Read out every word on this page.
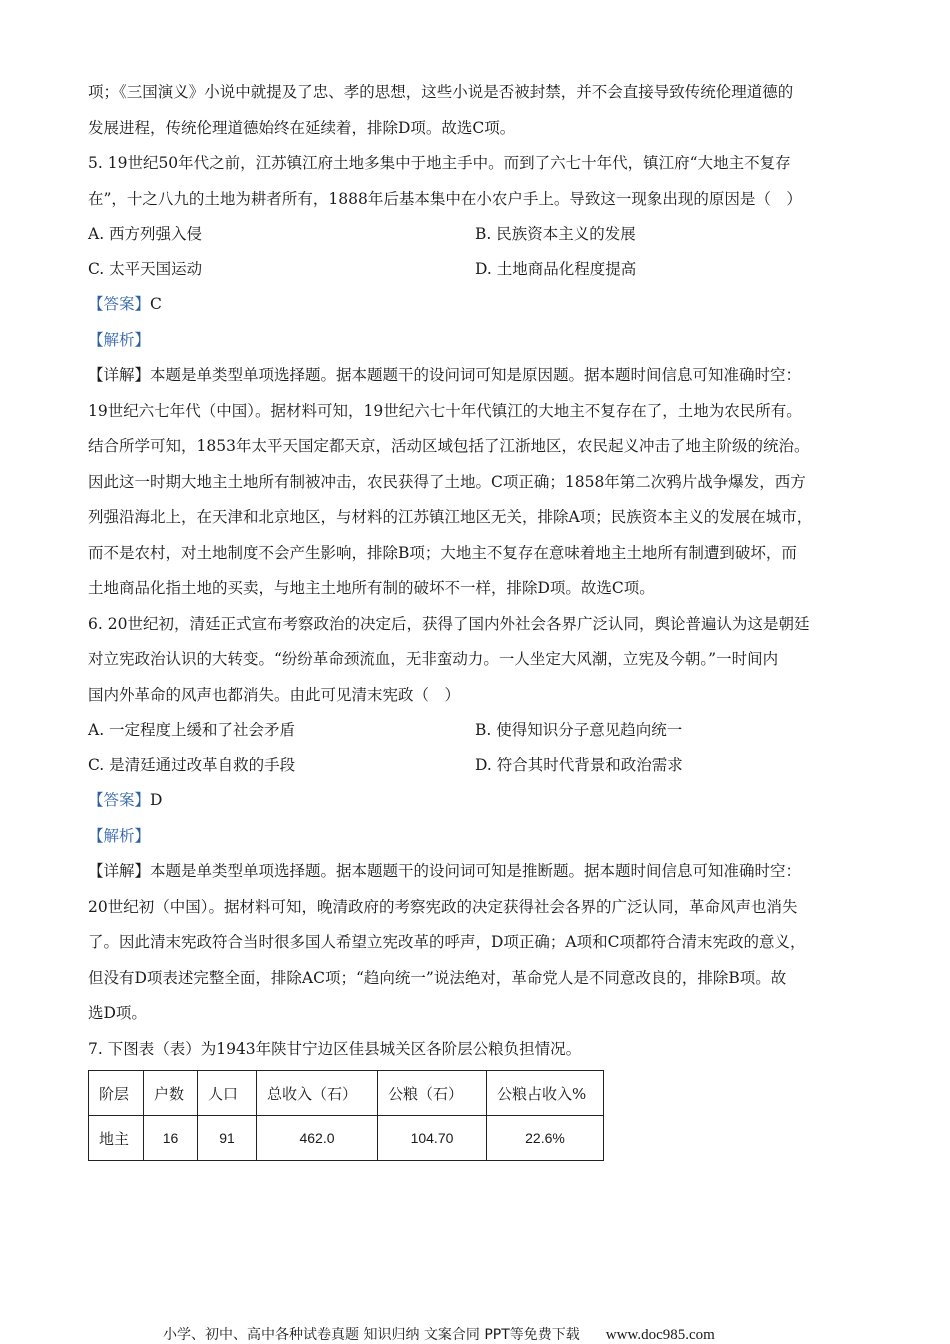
项；《三国演义》小说中就提及了忠、孝的思想，这些小说是否被封禁，并不会直接导致传统伦理道德的

发展进程，传统伦理道德始终在延续着，排除D项。故选C项。

5. 19世纪50年代之前，江苏镇江府土地多集中于地主手中。而到了六七十年代，镇江府“大地主不复存

在”，十之八九的土地为耕者所有，1888年后基本集中在小农户手上。导致这一现象出现的原因是（　）

A. 西方列强入侵	B. 民族资本主义的发展
C. 太平天国运动	D. 土地商品化程度提高

【答案】C

【解析】

【详解】本题是单类型单项选择题。据本题题干的设问词可知是原因题。据本题时间信息可知准确时空：

19世纪六七年代（中国）。据材料可知，19世纪六七十年代镇江的大地主不复存在了，土地为农民所有。

结合所学可知，1853年太平天国定都天京，活动区域包括了江浙地区，农民起义冲击了地主阶级的统治。

因此这一时期大地主土地所有制被冲击，农民获得了土地。C项正确；1858年第二次鸦片战争爆发，西方

列强沿海北上，在天津和北京地区，与材料的江苏镇江地区无关，排除A项；民族资本主义的发展在城市，

而不是农村，对土地制度不会产生影响，排除B项；大地主不复存在意味着地主土地所有制遭到破坏，而

土地商品化指土地的买卖，与地主土地所有制的破坏不一样，排除D项。故选C项。

6. 20世纪初，清廷正式宣布考察政治的决定后，获得了国内外社会各界广泛认同，舆论普遍认为这是朝廷

对立宪政治认识的大转变。“纷纷革命颈流血，无非蛮动力。一人坐定大风潮，立宪及今朝。”一时间内

国内外革命的风声也都消失。由此可见清末宪政（　）

A. 一定程度上缓和了社会矛盾	B. 使得知识分子意见趋向统一
C. 是清廷通过改革自救的手段	D. 符合其时代背景和政治需求

【答案】D

【解析】

【详解】本题是单类型单项选择题。据本题题干的设问词可知是推断题。据本题时间信息可知准确时空：

20世纪初（中国）。据材料可知，晚清政府的考察宪政的决定获得社会各界的广泛认同，革命风声也消失

了。因此清末宪政符合当时很多国人希望立宪改革的呼声，D项正确；A项和C项都符合清末宪政的意义，

但没有D项表述完整全面，排除AC项；“趋向统一”说法绝对，革命党人是不同意改良的，排除B项。故

选D项。

7. 下图表（表）为1943年陕甘宁边区佳县城关区各阶层公粮负担情况。

阶层	户数	人口	总收入（石）	公粮（石）	公粮占收入%
地主	16	91	462.0	104.70	22.6%
小学、初中、高中各种试卷真题 知识归纳 文案合同 PPT等免费下载 www.doc985.com
